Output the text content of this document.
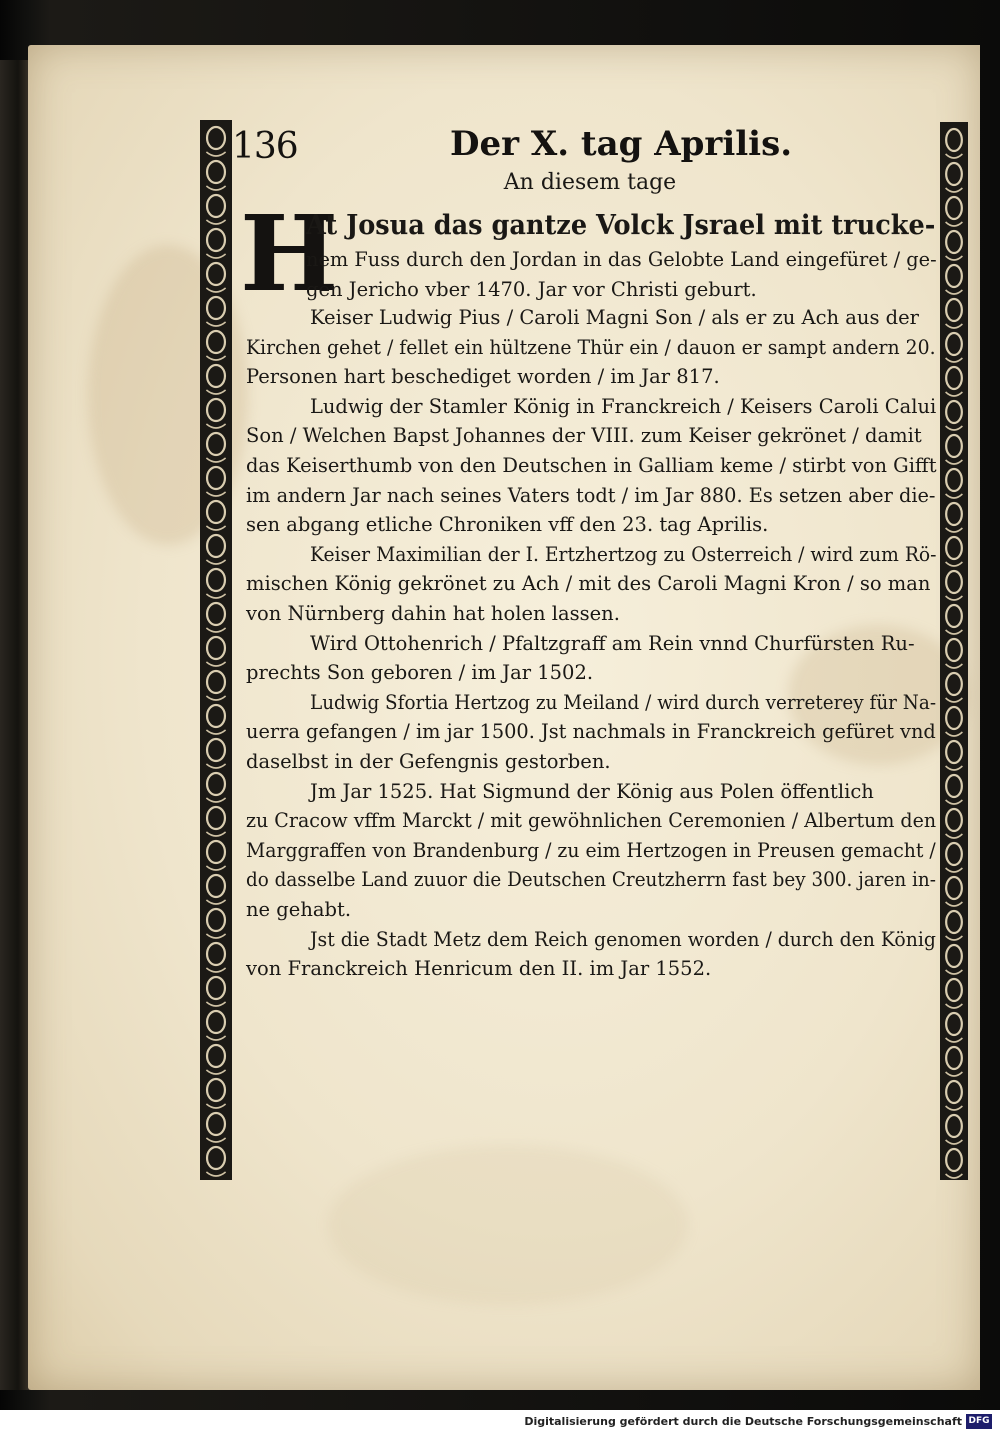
136	Der X. tag Aprilis.
An diesem tage
H
At Josua das gantze Volck Jsrael mit trucke-
nem Fuss durch den Jordan in das Gelobte Land eingefüret / ge-
gen Jericho vber 1470. Jar vor Christi geburt.
Keiser Ludwig Pius / Caroli Magni Son / als er zu Ach aus der
Kirchen gehet / fellet ein hültzene Thür ein / dauon er sampt andern 20.
Personen hart beschediget worden / im Jar 817.
Ludwig der Stamler König in Franckreich / Keisers Caroli Calui
Son / Welchen Bapst Johannes der VIII. zum Keiser gekrönet / damit
das Keiserthumb von den Deutschen in Galliam keme / stirbt von Gifft
im andern Jar nach seines Vaters todt / im Jar 880. Es setzen aber die-
sen abgang etliche Chroniken vff den 23. tag Aprilis.
Keiser Maximilian der I. Ertzhertzog zu Osterreich / wird zum Rö-
mischen König gekrönet zu Ach / mit des Caroli Magni Kron / so man
von Nürnberg dahin hat holen lassen.
Wird Ottohenrich / Pfaltzgraff am Rein vnnd Churfürsten Ru-
prechts Son geboren / im Jar 1502.
Ludwig Sfortia Hertzog zu Meiland / wird durch verreterey für Na-
uerra gefangen / im jar 1500. Jst nachmals in Franckreich gefüret vnd
daselbst in der Gefengnis gestorben.
Jm Jar 1525. Hat Sigmund der König aus Polen öffentlich
zu Cracow vffm Marckt / mit gewöhnlichen Ceremonien / Albertum den
Marggraffen von Brandenburg / zu eim Hertzogen in Preusen gemacht /
do dasselbe Land zuuor die Deutschen Creutzherrn fast bey 300. jaren in-
ne gehabt.
Jst die Stadt Metz dem Reich genomen worden / durch den König
von Franckreich Henricum den II. im Jar 1552.
Digitalisierung gefördert durch die Deutsche Forschungsgemeinschaft DFG
